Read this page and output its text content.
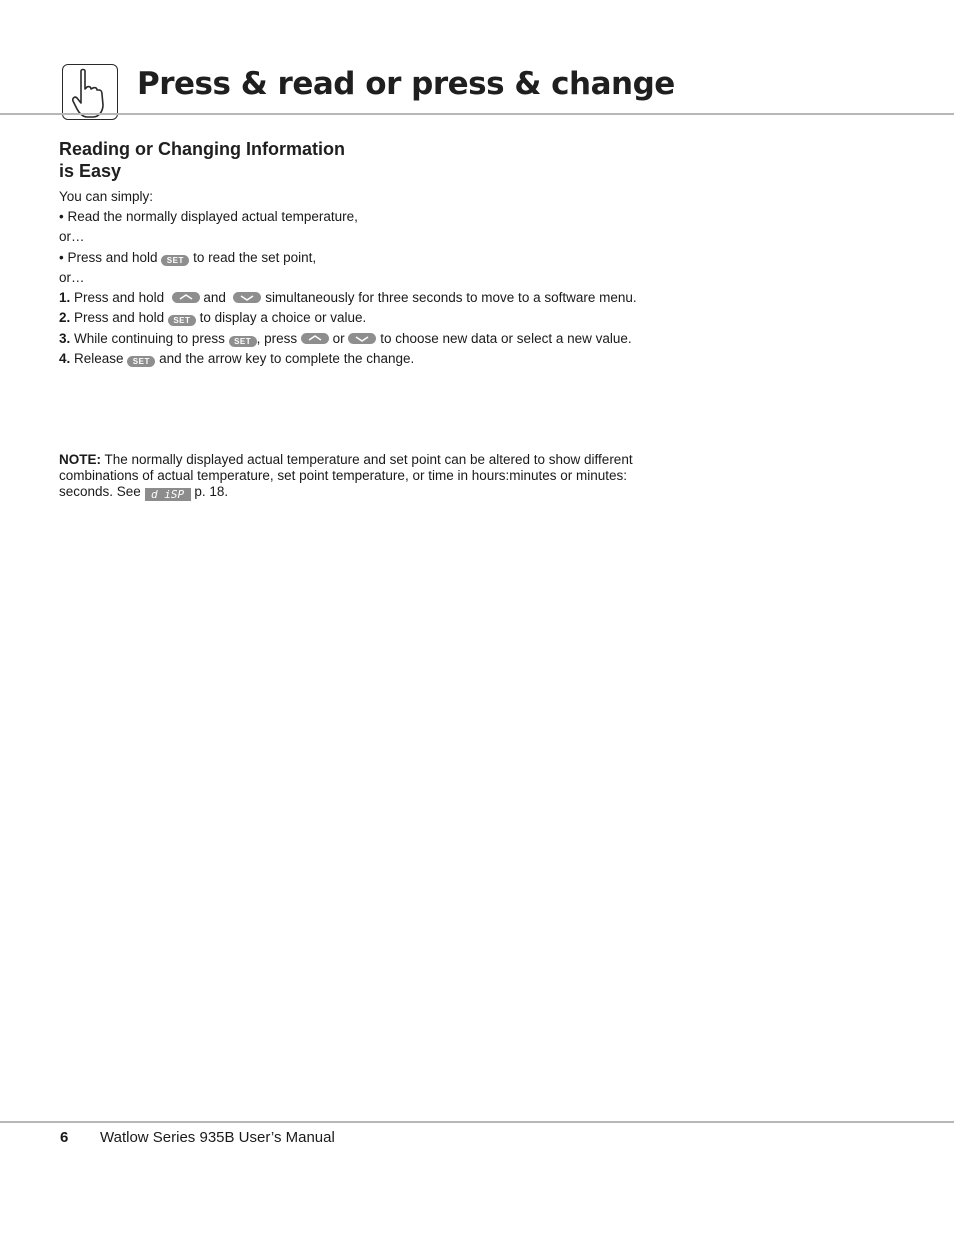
Press & read or press & change
Reading or Changing Information is Easy
You can simply:
• Read the normally displayed actual temperature,
or…
• Press and hold SET to read the set point,
or…
1. Press and hold	and	simultaneously for three seconds to move to a software menu.
2. Press and hold SET to display a choice or value.
3. While continuing to press SET , press	or	to choose new data or select a new value.
4. Release SET and the arrow key to complete the change.
NOTE: The normally displayed actual temperature and set point can be altered to show different combinations of actual temperature, set point temperature, or time in hours:minutes or minutes: seconds. See d iSP p. 18.
6 Watlow Series 935B User’s Manual
